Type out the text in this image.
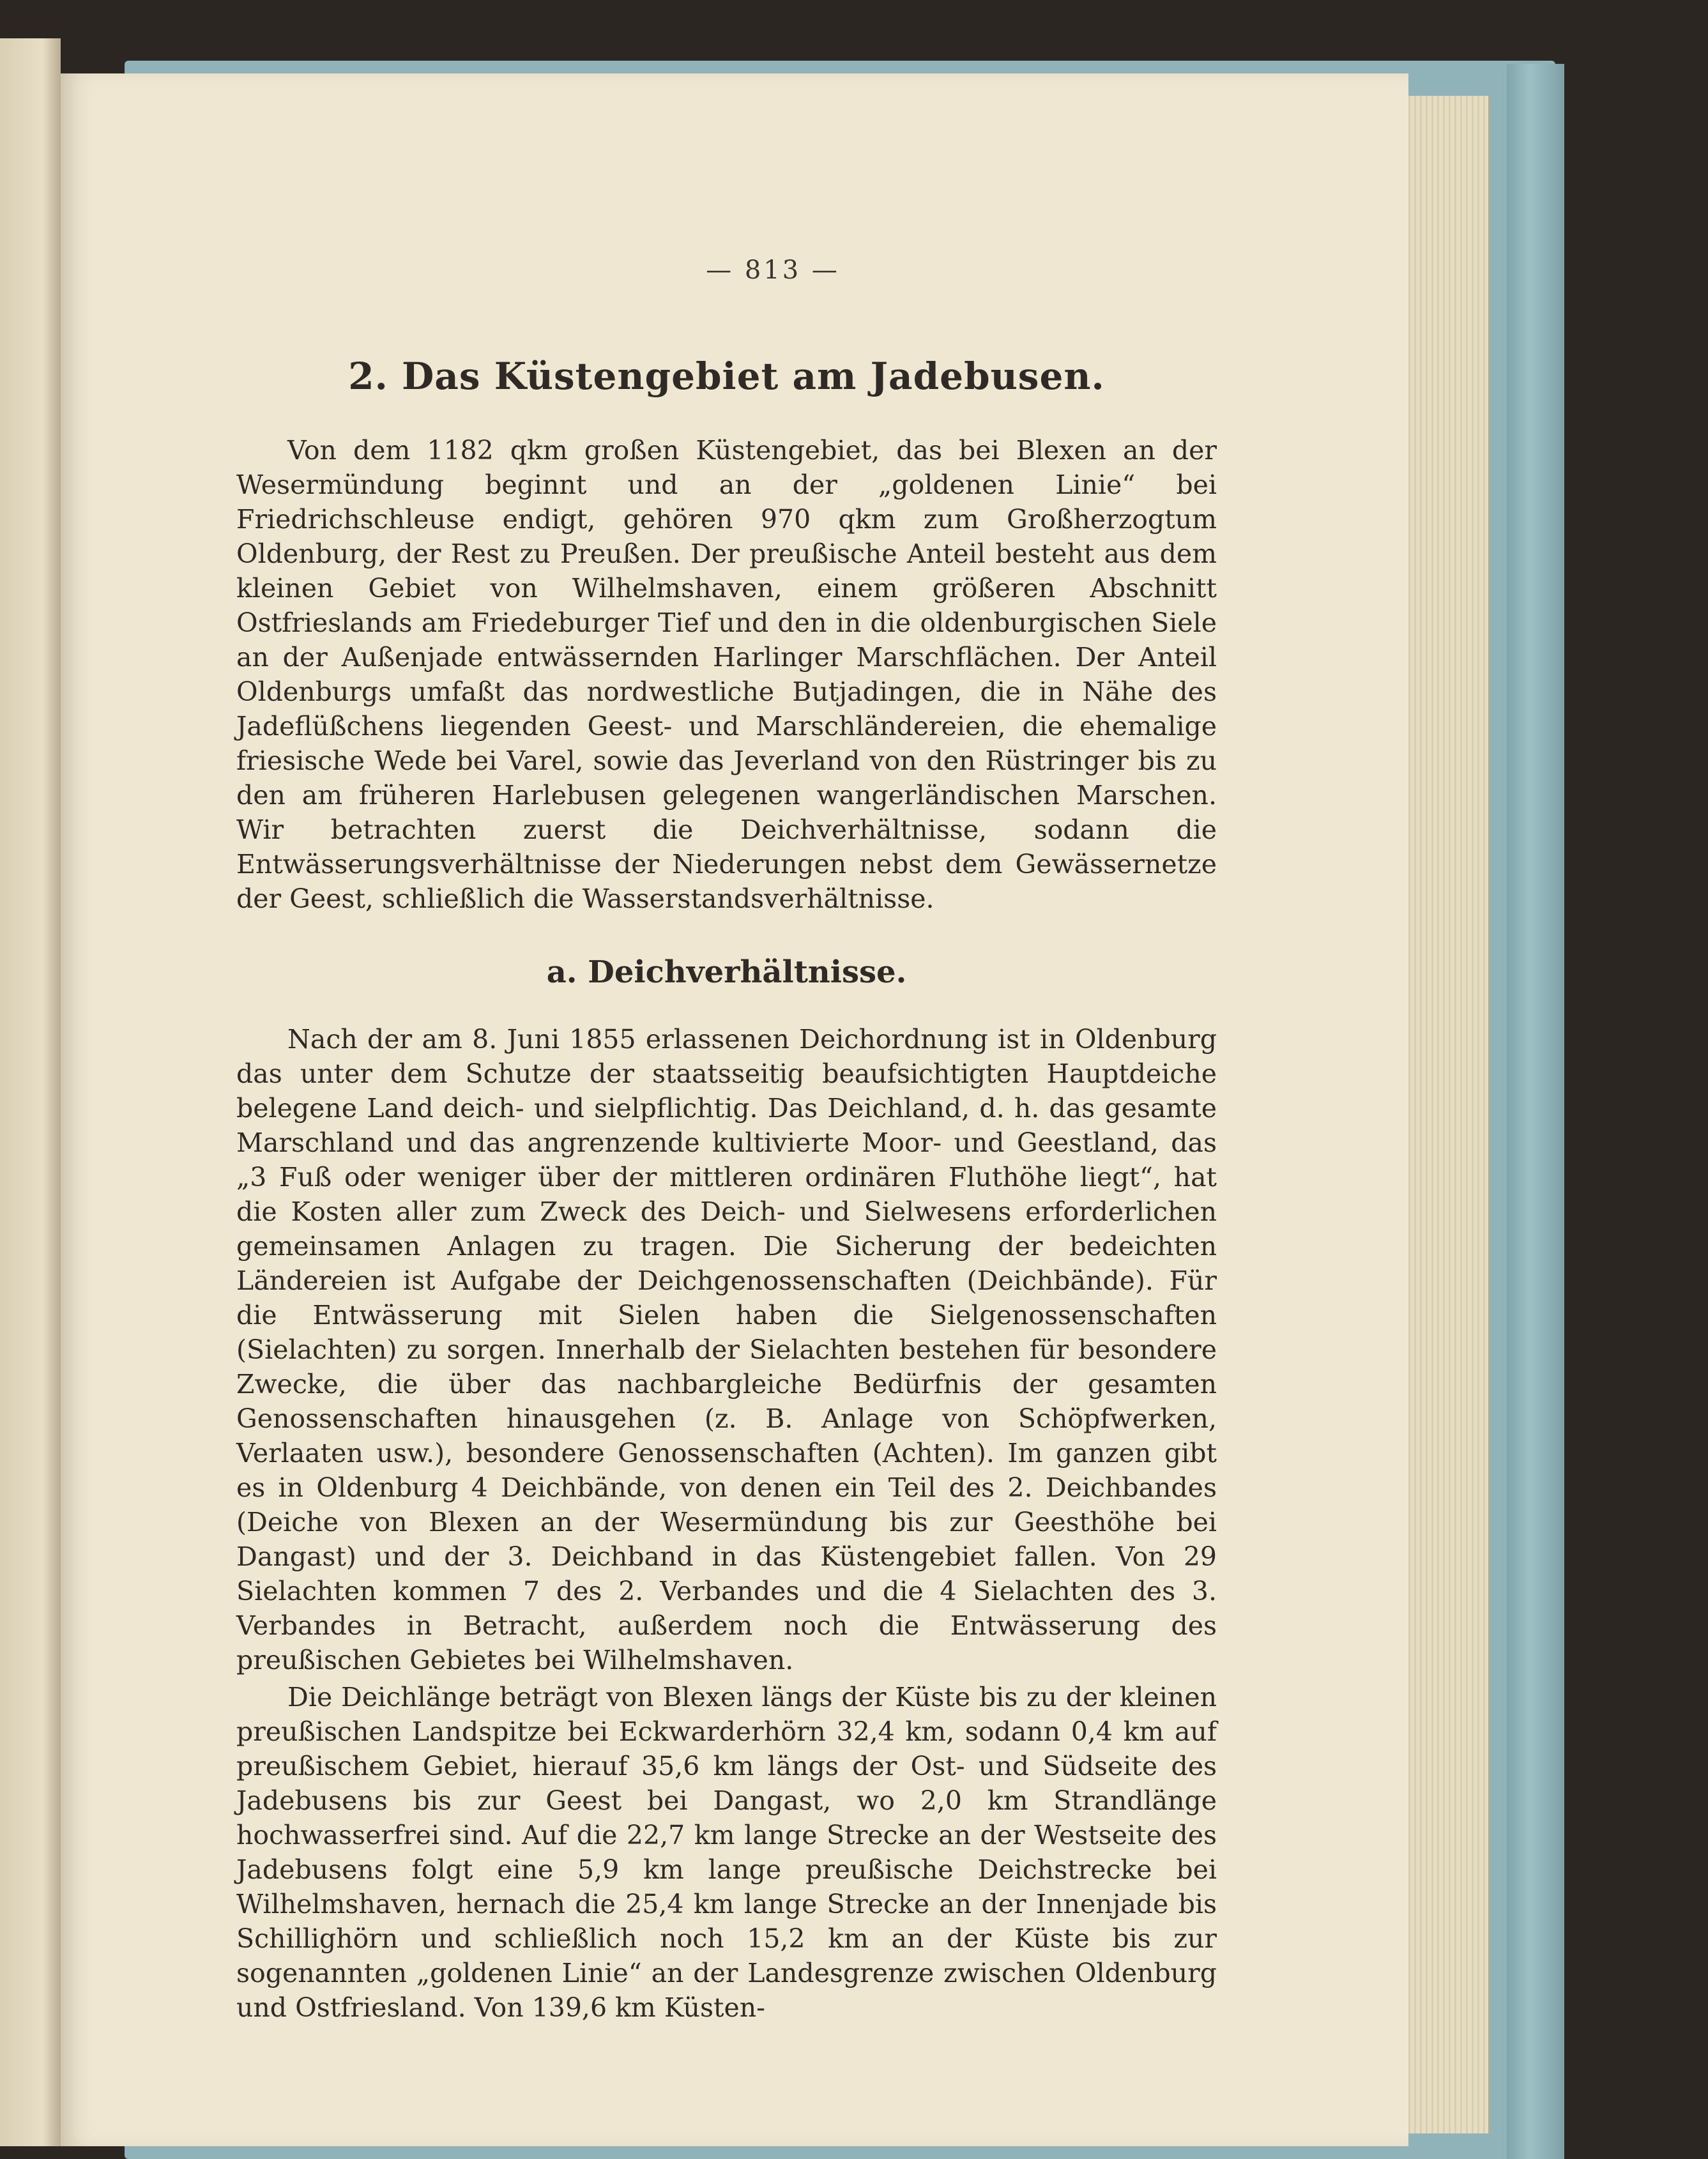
— 813 —
2. Das Küstengebiet am Jadebusen.

Von dem 1182 qkm großen Küstengebiet, das bei Blexen an der Wesermündung beginnt und an der „goldenen Linie“ bei Friedrichschleuse endigt, gehören 970 qkm zum Großherzogtum Oldenburg, der Rest zu Preußen. Der preußische Anteil besteht aus dem kleinen Gebiet von Wilhelmshaven, einem größeren Abschnitt Ostfrieslands am Friedeburger Tief und den in die oldenburgischen Siele an der Außenjade entwässernden Harlinger Marschflächen. Der Anteil Oldenburgs umfaßt das nordwestliche Butjadingen, die in Nähe des Jadeflüßchens liegenden Geest- und Marschländereien, die ehemalige friesische Wede bei Varel, sowie das Jeverland von den Rüstringer bis zu den am früheren Harlebusen gelegenen wangerländischen Marschen. Wir betrachten zuerst die Deichverhältnisse, sodann die Entwässerungsverhältnisse der Niederungen nebst dem Gewässernetze der Geest, schließlich die Wasserstandsverhältnisse.

a. Deichverhältnisse.

Nach der am 8. Juni 1855 erlassenen Deichordnung ist in Oldenburg das unter dem Schutze der staatsseitig beaufsichtigten Hauptdeiche belegene Land deich- und sielpflichtig. Das Deichland, d. h. das gesamte Marschland und das angrenzende kultivierte Moor- und Geestland, das „3 Fuß oder weniger über der mittleren ordinären Fluthöhe liegt“, hat die Kosten aller zum Zweck des Deich- und Sielwesens erforderlichen gemeinsamen Anlagen zu tragen. Die Sicherung der bedeichten Ländereien ist Aufgabe der Deichgenossenschaften (Deichbände). Für die Entwässerung mit Sielen haben die Sielgenossenschaften (Sielachten) zu sorgen. Innerhalb der Sielachten bestehen für besondere Zwecke, die über das nachbargleiche Bedürfnis der gesamten Genossenschaften hinausgehen (z. B. Anlage von Schöpfwerken, Verlaaten usw.), besondere Genossenschaften (Achten). Im ganzen gibt es in Oldenburg 4 Deichbände, von denen ein Teil des 2. Deichbandes (Deiche von Blexen an der Wesermündung bis zur Geesthöhe bei Dangast) und der 3. Deichband in das Küstengebiet fallen. Von 29 Sielachten kommen 7 des 2. Verbandes und die 4 Sielachten des 3. Verbandes in Betracht, außerdem noch die Entwässerung des preußischen Gebietes bei Wilhelmshaven.

Die Deichlänge beträgt von Blexen längs der Küste bis zu der kleinen preußischen Landspitze bei Eckwarderhörn 32,4 km, sodann 0,4 km auf preußischem Gebiet, hierauf 35,6 km längs der Ost- und Südseite des Jadebusens bis zur Geest bei Dangast, wo 2,0 km Strandlänge hochwasserfrei sind. Auf die 22,7 km lange Strecke an der Westseite des Jadebusens folgt eine 5,9 km lange preußische Deichstrecke bei Wilhelmshaven, hernach die 25,4 km lange Strecke an der Innenjade bis Schillighörn und schließlich noch 15,2 km an der Küste bis zur sogenannten „goldenen Linie“ an der Landesgrenze zwischen Oldenburg und Ostfriesland. Von 139,6 km Küsten-
